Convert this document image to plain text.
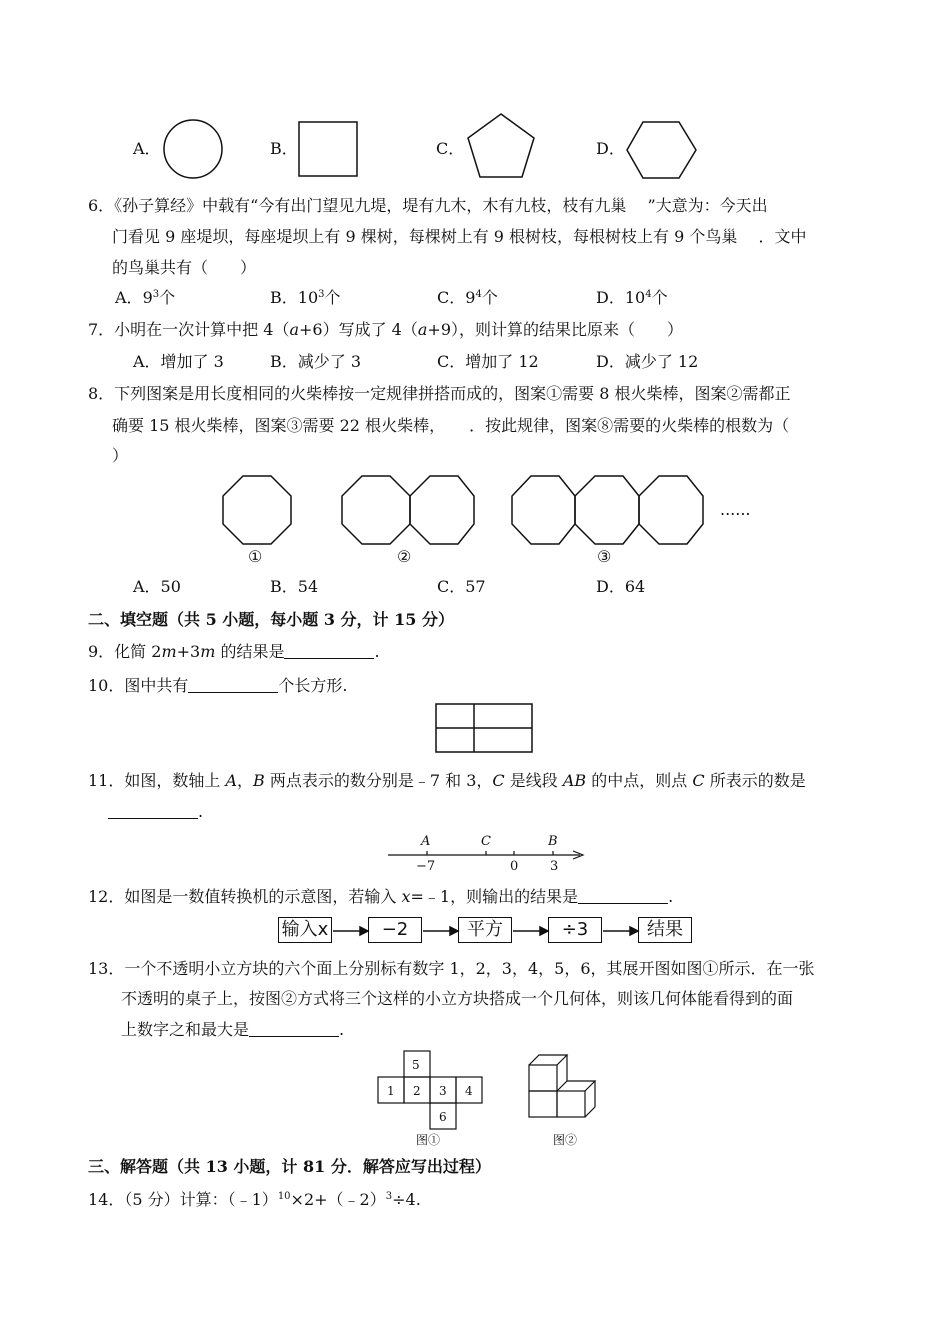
A．	B．	C．	D．
6．《孙子算经》中载有“今有出门望见九堤，堤有九木，木有九枝，枝有九巢　 ”大意为：今天出
门看见 9 座堤坝，每座堤坝上有 9 棵树，每棵树上有 9 根树枝，每根树枝上有 9 个鸟巢　 ．文中
的鸟巢共有（　　）
A．$9^3$个	B．$10^3$个	C．$9^4$个	D．$10^4$个
7．小明在一次计算中把 4（a+6）写成了 4（a+9），则计算的结果比原来（　　）
A．增加了 3	B．减少了 3	C．增加了 12	D．减少了 12
8．下列图案是用长度相同的火柴棒按一定规律拼搭而成的，图案①需要 8 根火柴棒，图案②需都正
确要 15 根火柴棒，图案③需要 22 根火柴棒，　　．按此规律，图案⑧需要的火柴棒的根数为（
）
......
①	②	③
A．50	B．54	C．57	D．64
二、填空题（共 5 小题，每小题 3 分，计 15 分）
9．化简 2m+3m 的结果是	.
10．图中共有	个长方形.
11．如图，数轴上 A，B 两点表示的数分别是﹣7 和 3，C 是线段 AB 的中点，则点 C 所表示的数是
.
A	C	B
−7	0 3
12．如图是一数值转换机的示意图，若输入 x=﹣1，则输出的结果是	.
输入x	−2	平方	÷3	结果
13．一个不透明小立方块的六个面上分别标有数字 1，2，3，4，5，6，其展开图如图①所示．在一张
不透明的桌子上，按图②方式将三个这样的小立方块搭成一个几何体，则该几何体能看得到的面
上数字之和最大是	.
5
1 2 3 4
6
图①	图②
三、解答题（共 13 小题，计 81 分．解答应写出过程）
14．（5 分）计算：（﹣1）$^{10}$×2+（﹣2）$^3$÷4.
